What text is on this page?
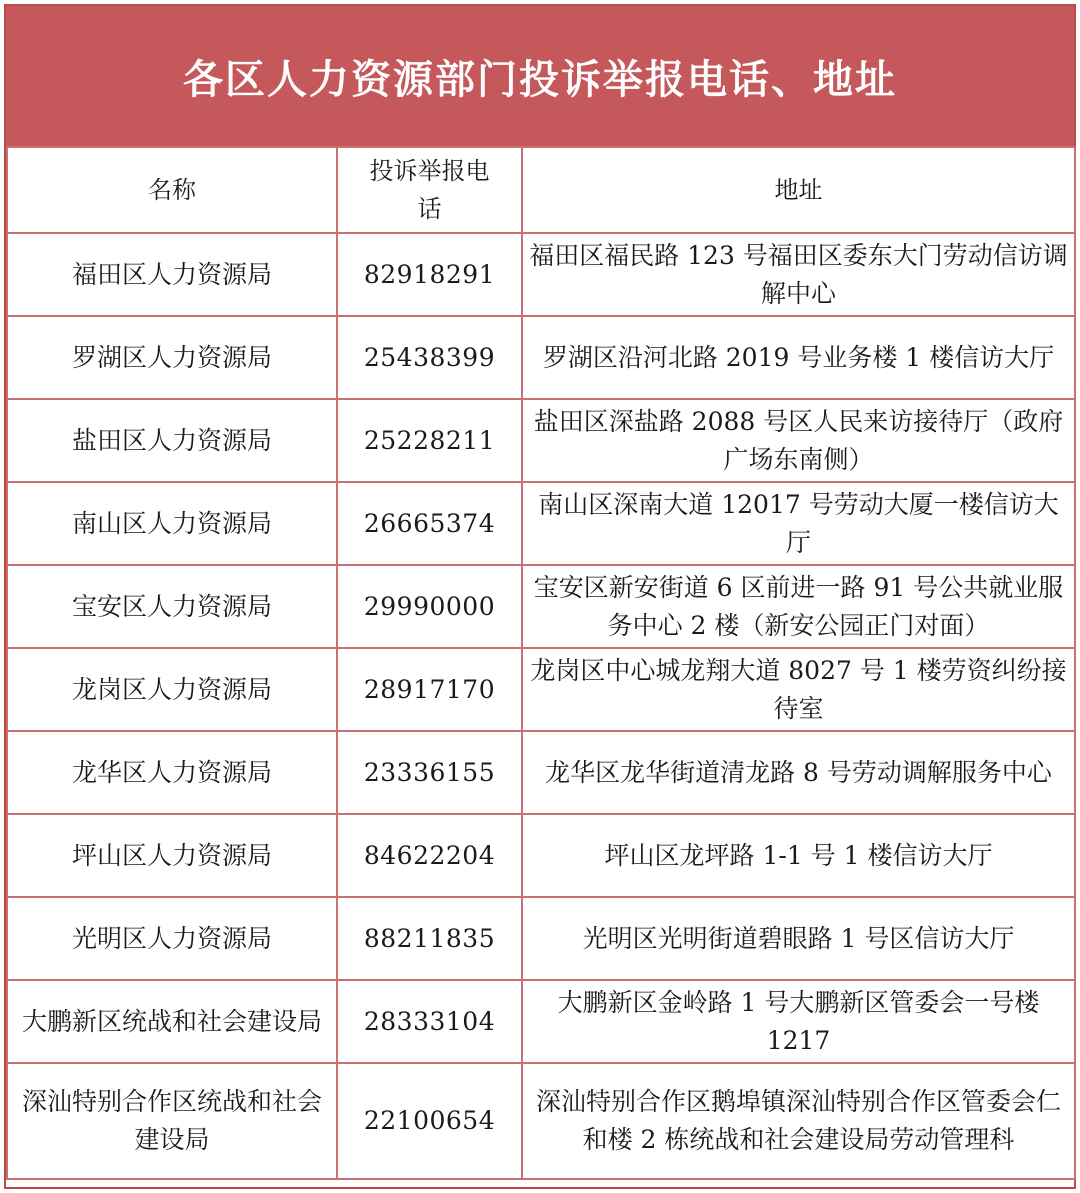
各区人力资源部门投诉举报电话、地址
名称	投诉举报电话	地址
福田区人力资源局	82918291	福田区福民路 123 号福田区委东大门劳动信访调解中心
罗湖区人力资源局	25438399	罗湖区沿河北路 2019 号业务楼 1 楼信访大厅
盐田区人力资源局	25228211	盐田区深盐路 2088 号区人民来访接待厅（政府广场东南侧）
南山区人力资源局	26665374	南山区深南大道 12017 号劳动大厦一楼信访大厅
宝安区人力资源局	29990000	宝安区新安街道 6 区前进一路 91 号公共就业服务中心 2 楼（新安公园正门对面）
龙岗区人力资源局	28917170	龙岗区中心城龙翔大道 8027 号 1 楼劳资纠纷接待室
龙华区人力资源局	23336155	龙华区龙华街道清龙路 8 号劳动调解服务中心
坪山区人力资源局	84622204	坪山区龙坪路 1-1 号 1 楼信访大厅
光明区人力资源局	88211835	光明区光明街道碧眼路 1 号区信访大厅
大鹏新区统战和社会建设局	28333104	大鹏新区金岭路 1 号大鹏新区管委会一号楼 1217
深汕特别合作区统战和社会建设局	22100654	深汕特别合作区鹅埠镇深汕特别合作区管委会仁和楼 2 栋统战和社会建设局劳动管理科
